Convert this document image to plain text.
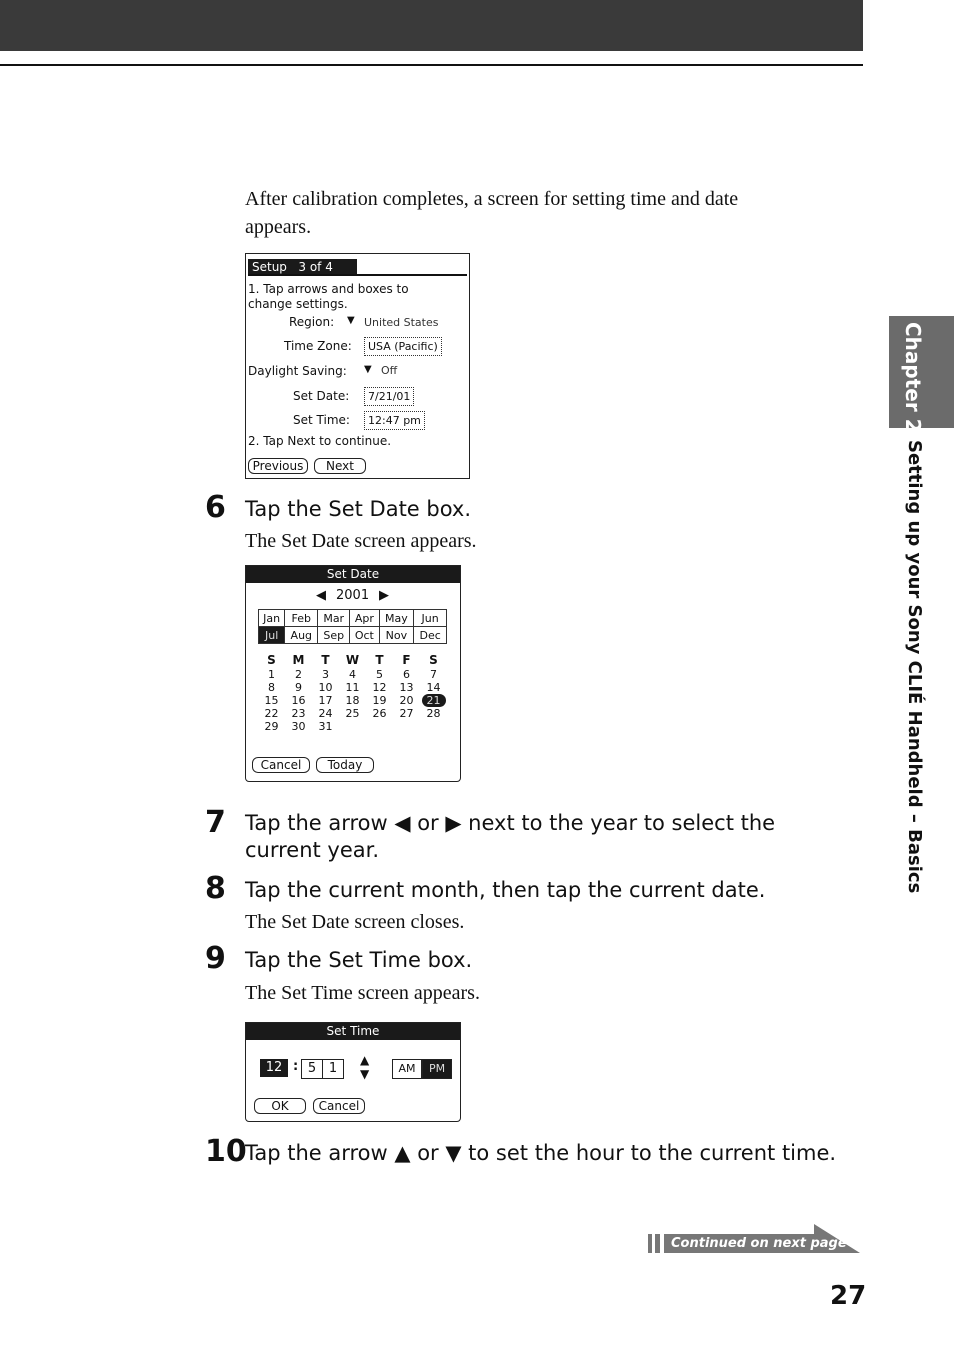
Chapter 2
Setting up your Sony CLIÉ Handheld – Basics
After calibration completes, a screen for setting time and date
appears.
Setup   3 of 4
1. Tap arrows and boxes to
change settings.
Region: ▼ United States
Time Zone:	USA (Pacific)
Daylight Saving: ▼ Off
Set Date:	7/21/01
Set Time:	12:47 pm
2. Tap Next to continue.
Previous	Next
6 Tap the Set Date box.
The Set Date screen appears.
Set Date
◀ 2001 ▶
Jan	Feb	Mar	Apr	May	Jun
Jul	Aug	Sep	Oct	Nov	Dec
S	M	T	W	T	F	S
1	2	3	4	5	6	7
8	9	10	11	12	13	14
15	16	17	18	19	20	21
22	23	24	25	26	27	28
29	30	31				
Cancel	Today
7 Tap the arrow ◀ or ▶ next to the year to select the
current year.
8 Tap the current month, then tap the current date.
The Set Date screen closes.
9 Tap the Set Time box.
The Set Time screen appears.
Set Time
12 : 5 1
▲
▼	AM	PM
OK	Cancel
10
Tap the arrow ▲ or ▼ to set the hour to the current time.
Continued on next page
27
